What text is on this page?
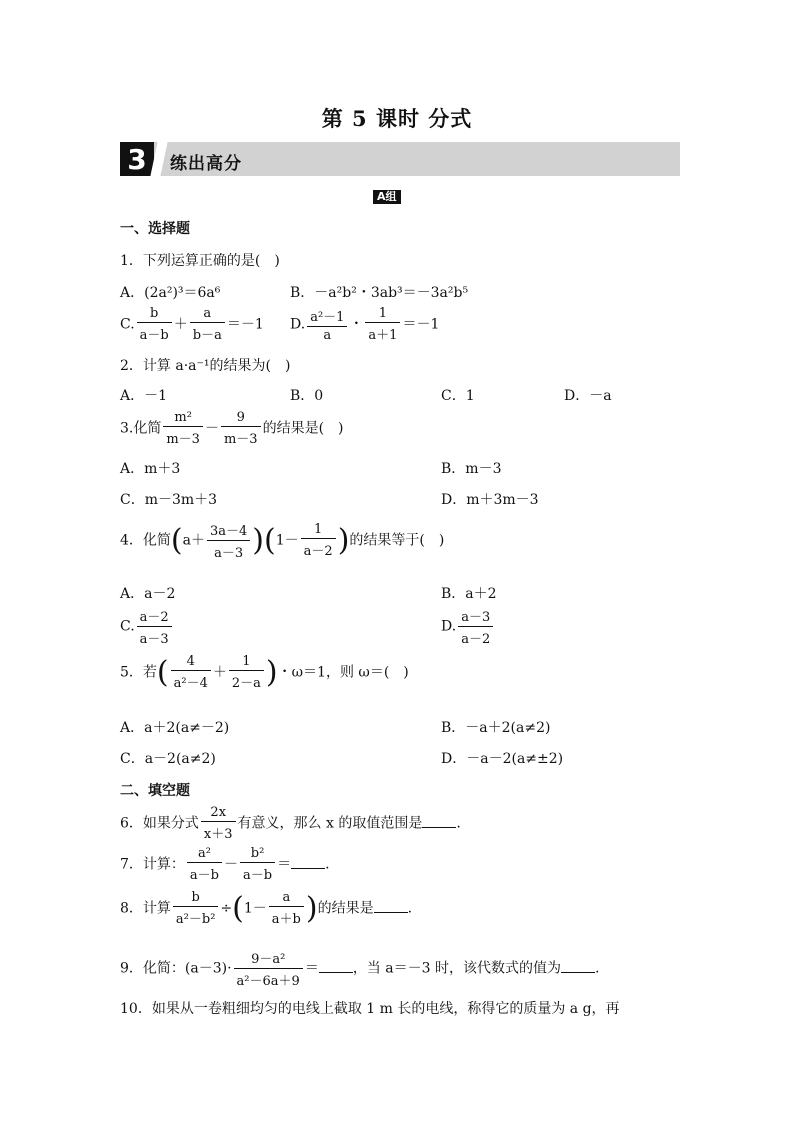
第 5 课时 分式
3	练出高分
A组
一、选择题
1．下列运算正确的是(　)
A．(2a²)³＝6a⁶	B．－a²b²・3ab³＝－3a²b⁵
C. $\frac{b}{a-b} + \frac{a}{b-a} =-1$ D. $\frac{\text{a²－1}}{a}$ ・ $\frac{1}{a+1} =-1$
2．计算 a·a⁻¹的结果为(　)
A．－1	B．0	C．1	D．－a
3.化简 $\frac{\text{m²}}{m-3} - \frac{9}{m-3}$ 的结果是(　)
A．m＋3	B．m－3
C．m－3m＋3	D．m＋3m－3
4．化简$(a+ \frac{3a-4}{a-3} )(1- \frac{1}{a-2}$ )的结果等于(　)
A．a－2	B．a＋2
C. $\frac{a-2}{a-3}$	D. $\frac{a-3}{a-2}$
5．若( $\frac{4}{\text{a²－4}} + \frac{1}{2-a}$ )・ω＝1，则 ω＝(　)
A．a＋2(a≠－2)	B．－a＋2(a≠2)
C．a－2(a≠2)	D．－a－2(a≠±2)
二、填空题
6．如果分式 $\frac{2x}{x+3}$ 有意义，那么 x 的取值范围是 .
7．计算： $\frac{\text{a²}}{a-b} - \frac{\text{b²}}{a-b}$ ＝ .
8．计算 $\frac{b}{\text{a²－b²}} \div(1- \frac{a}{a+b}$ )的结果是 .
9．化简：$(a-3)\cdot \frac{\text{9－a²}}{\text{a²－6a＋9}}$ ＝ ，当 a＝－3 时，该代数式的值为 .
10．如果从一卷粗细均匀的电线上截取 1 m 长的电线，称得它的质量为 a g，再
